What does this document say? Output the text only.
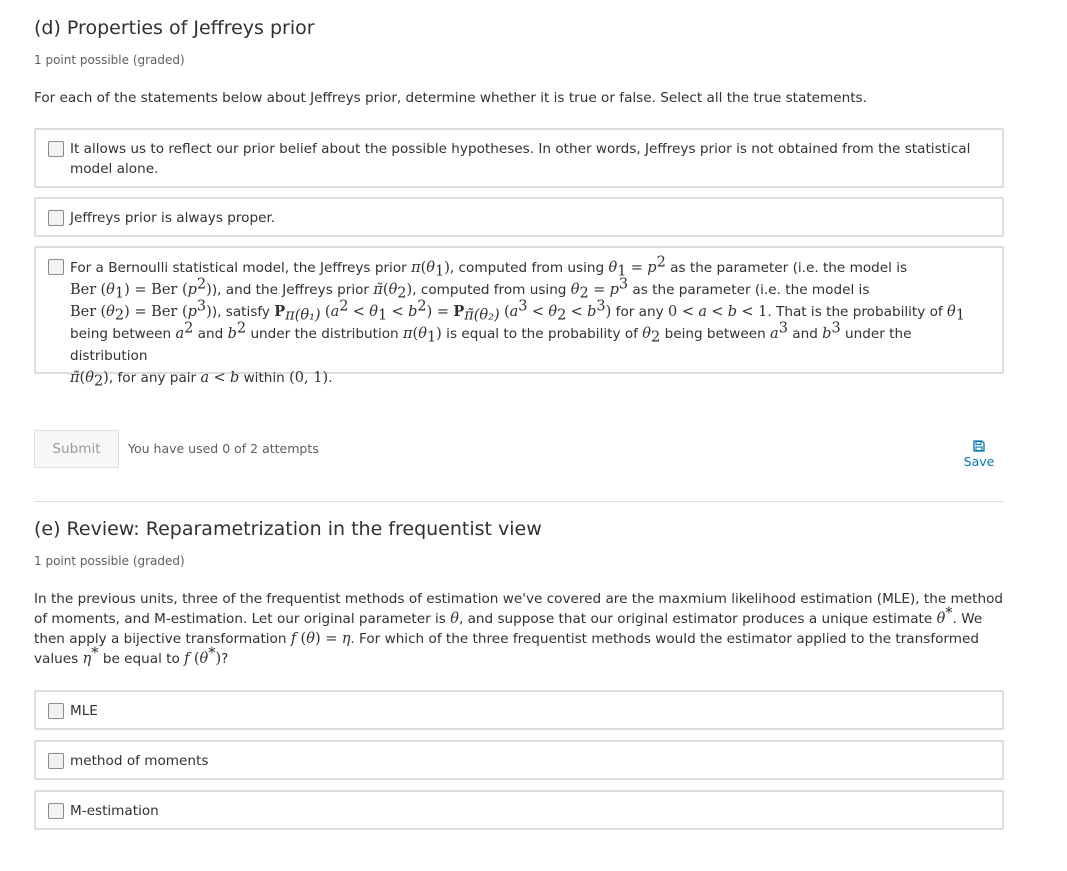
(d) Properties of Jeffreys prior
1 point possible (graded)
For each of the statements below about Jeffreys prior, determine whether it is true or false. Select all the true statements.
It allows us to reflect our prior belief about the possible hypotheses. In other words, Jeffreys prior is not obtained from the statistical model alone.
Jeffreys prior is always proper.
For a Bernoulli statistical model, the Jeffreys prior $\pi(\theta_1)$, computed from using $\theta_1 = p^2$ as the parameter (i.e. the model is
Ber $(\theta_1)$ = Ber $(p^2)$), and the Jeffreys prior $\pĩ(\theta_2)$, computed from using $\theta_2 = p^3$ as the parameter (i.e. the model is
Ber $(\theta_2)$ = Ber $(p^3)$), satisfy $P_{\pi(\theta_1)}$ $(a^2 < \theta_1 < b^2) = P_{\pĩ(\theta_2)}$ $(a^3 < \theta_2 < b^3)$ for any 0 < a < b < 1. That is the probability of $\theta_1$
being between $a^2$ and $b^2$ under the distribution $\pi(\theta_1)$ is equal to the probability of $\theta_2$ being between $a^3$ and $b^3$ under the distribution
$\pĩ(\theta_2)$, for any pair a < b within (0, 1).
Submit	You have used 0 of 2 attempts
Save
(e) Review: Reparametrization in the frequentist view
1 point possible (graded)
In the previous units, three of the frequentist methods of estimation we've covered are the maxmium likelihood estimation (MLE), the method of moments, and M-estimation. Let our original parameter is θ, and suppose that our original estimator produces a unique estimate θ*. We then apply a bijective transformation f (θ) = η. For which of the three frequentist methods would the estimator applied to the transformed values η* be equal to f (θ*)?
MLE
method of moments
M-estimation
